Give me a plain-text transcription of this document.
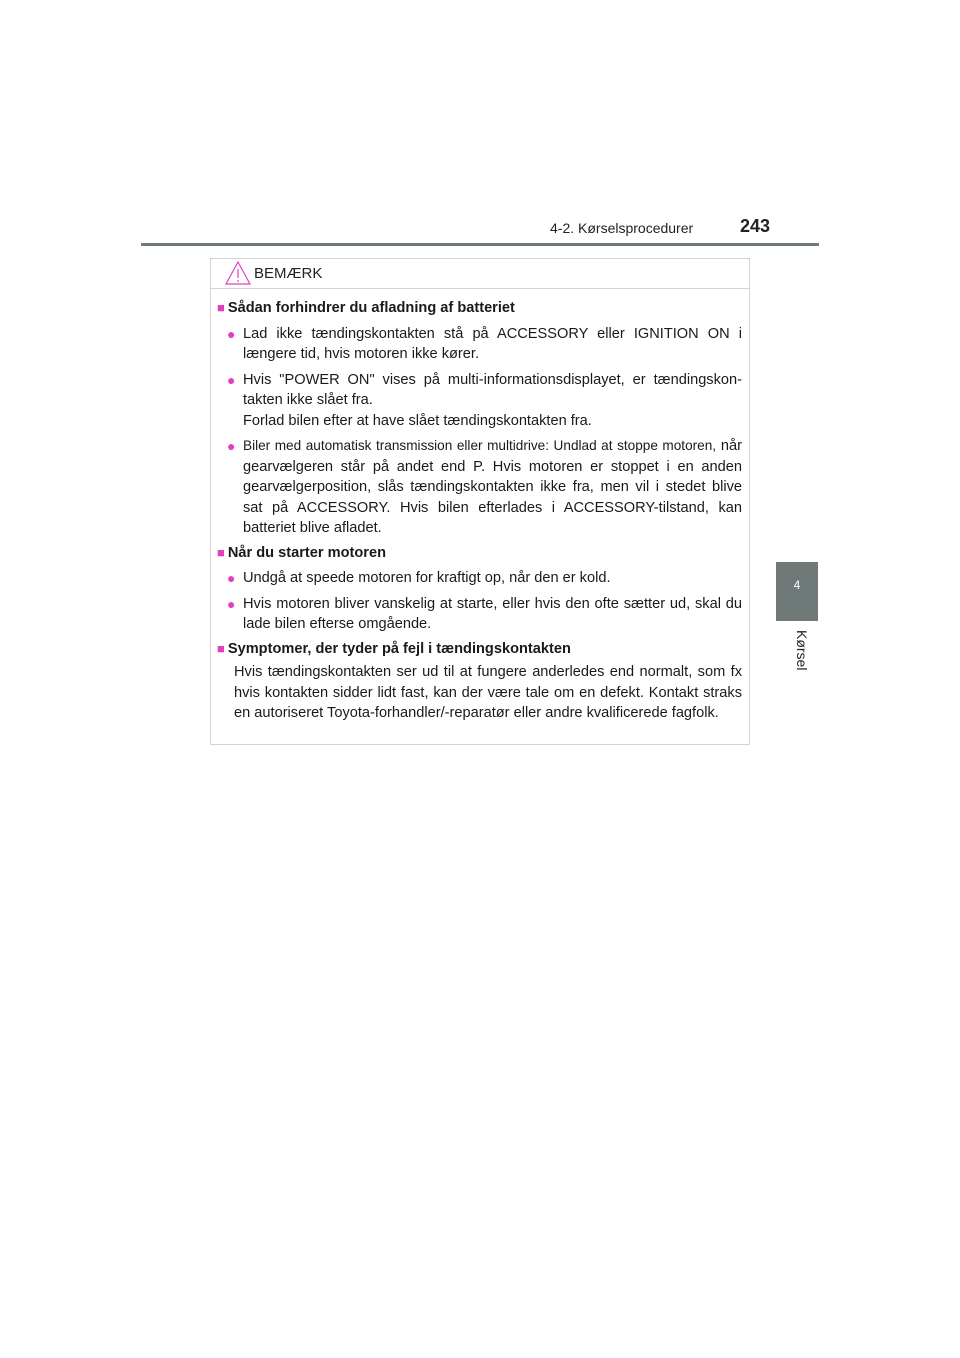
4-2. Kørselsprocedurer	243
4
Kørsel
BEMÆRK
■ Sådan forhindrer du afladning af batteriet
● Lad ikke tændingskontakten stå på ACCESSORY eller IGNITION ON i længere tid, hvis motoren ikke kører.
● Hvis "POWER ON" vises på multi-informationsdisplayet, er tændingskon- takten ikke slået fra.
Forlad bilen efter at have slået tændingskontakten fra.
● Biler med automatisk transmission eller multidrive: Undlad at stoppe motoren, når gearvælgeren står på andet end P. Hvis motoren er stoppet i en anden gearvælgerposition, slås tændingskontakten ikke fra, men vil i stedet blive sat på ACCESSORY. Hvis bilen efterlades i ACCESSORY-tilstand, kan batteriet blive afladet.
■ Når du starter motoren
● Undgå at speede motoren for kraftigt op, når den er kold.
● Hvis motoren bliver vanskelig at starte, eller hvis den ofte sætter ud, skal du lade bilen efterse omgående.
■ Symptomer, der tyder på fejl i tændingskontakten
Hvis tændingskontakten ser ud til at fungere anderledes end normalt, som fx hvis kontakten sidder lidt fast, kan der være tale om en defekt. Kontakt straks en autoriseret Toyota-forhandler/-reparatør eller andre kvalificerede fagfolk.
